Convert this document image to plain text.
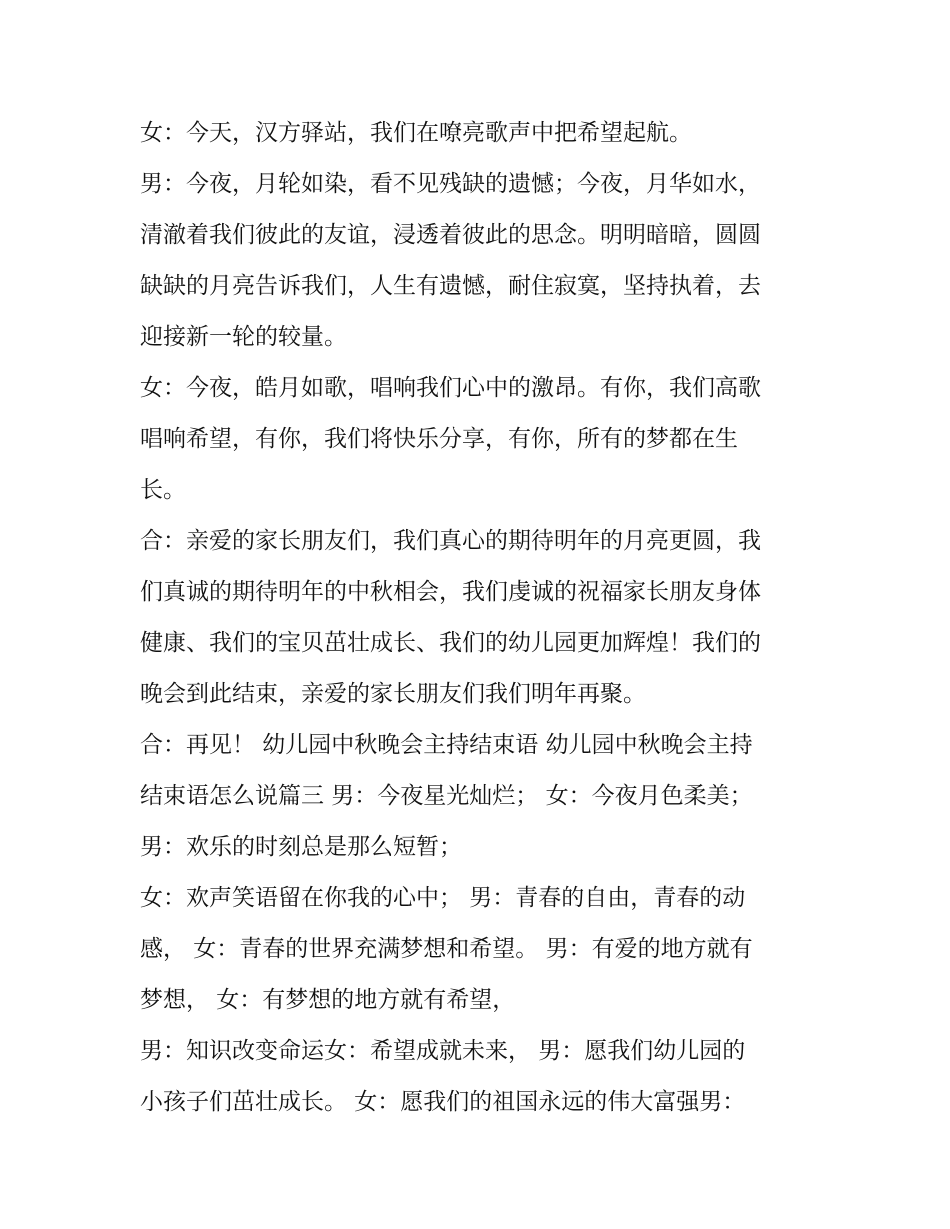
女：今天，汉方驿站，我们在嘹亮歌声中把希望起航。
男：今夜，月轮如染，看不见残缺的遗憾；今夜，月华如水，
清澈着我们彼此的友谊，浸透着彼此的思念。明明暗暗，圆圆
缺缺的月亮告诉我们，人生有遗憾，耐住寂寞，坚持执着，去
迎接新一轮的较量。
女：今夜，皓月如歌，唱响我们心中的激昂。有你，我们高歌
唱响希望，有你，我们将快乐分享，有你，所有的梦都在生
长。
合：亲爱的家长朋友们，我们真心的期待明年的月亮更圆，我
们真诚的期待明年的中秋相会，我们虔诚的祝福家长朋友身体
健康、我们的宝贝茁壮成长、我们的幼儿园更加辉煌！我们的
晚会到此结束，亲爱的家长朋友们我们明年再聚。
合：再见！ 幼儿园中秋晚会主持结束语 幼儿园中秋晚会主持
结束语怎么说篇三 男：今夜星光灿烂； 女：今夜月色柔美；
男：欢乐的时刻总是那么短暂；
女：欢声笑语留在你我的心中； 男：青春的自由，青春的动
感， 女：青春的世界充满梦想和希望。 男：有爱的地方就有
梦想， 女：有梦想的地方就有希望，
男：知识改变命运女：希望成就未来， 男：愿我们幼儿园的
小孩子们茁壮成长。 女：愿我们的祖国永远的伟大富强男：
